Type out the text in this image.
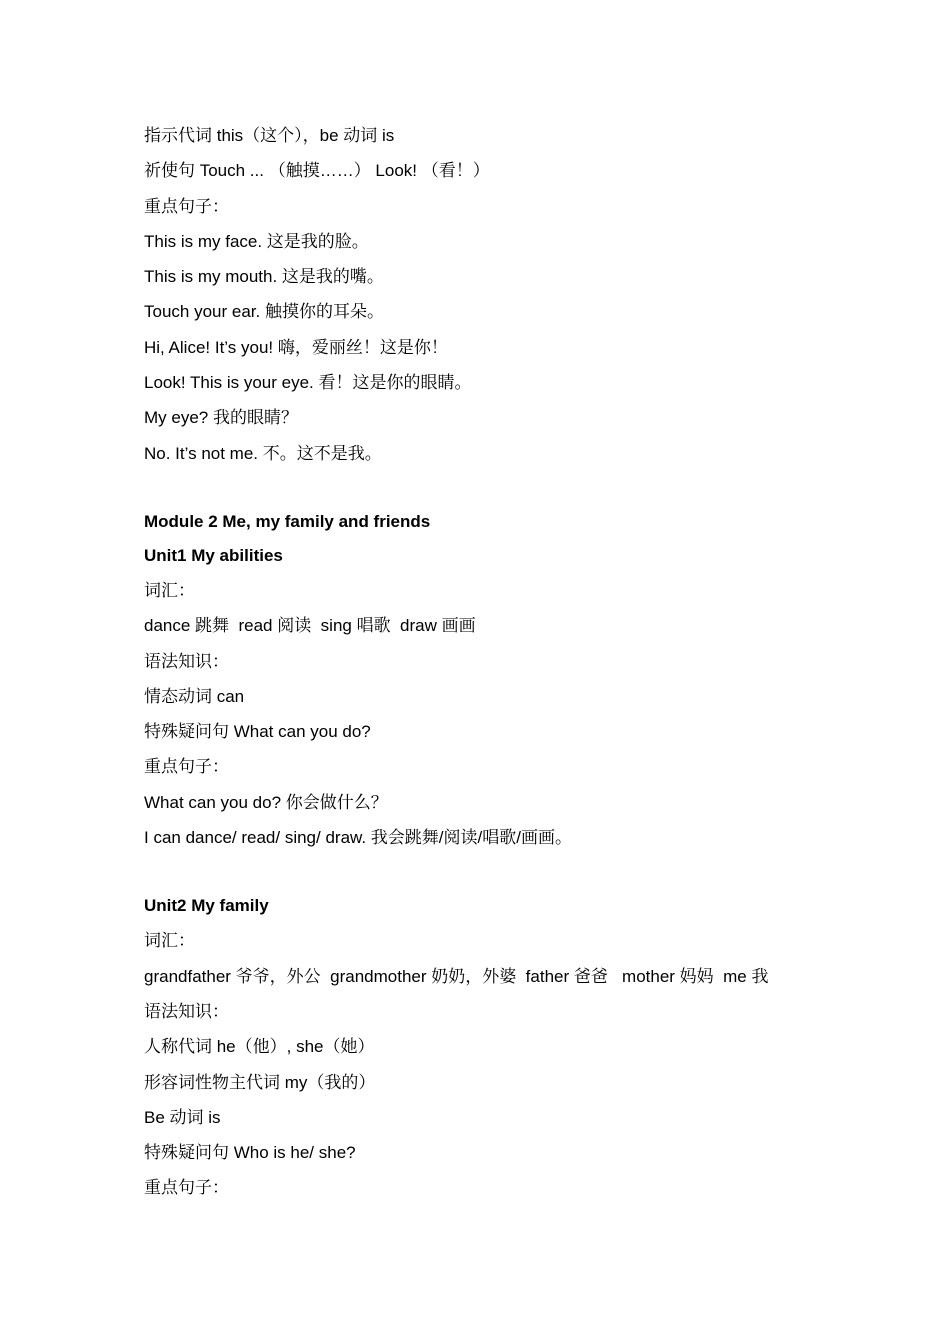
指示代词 this（这个），be 动词 is
祈使句 Touch ... （触摸……） Look! （看！）
重点句子：
This is my face. 这是我的脸。
This is my mouth. 这是我的嘴。
Touch your ear. 触摸你的耳朵。
Hi, Alice! It’s you! 嗨，爱丽丝！这是你！
Look! This is your eye. 看！这是你的眼睛。
My eye? 我的眼睛？
No. It’s not me. 不。这不是我。
Module 2 Me, my family and friends
Unit1 My abilities
词汇：
dance 跳舞  read 阅读  sing 唱歌  draw 画画
语法知识：
情态动词 can
特殊疑问句 What can you do?
重点句子：
What can you do? 你会做什么？
I can dance/ read/ sing/ draw. 我会跳舞/阅读/唱歌/画画。
Unit2 My family
词汇：
grandfather 爷爷，外公  grandmother 奶奶，外婆  father 爸爸   mother 妈妈  me 我
语法知识：
人称代词 he（他）, she（她）
形容词性物主代词 my（我的）
Be 动词 is
特殊疑问句 Who is he/ she?
重点句子：
